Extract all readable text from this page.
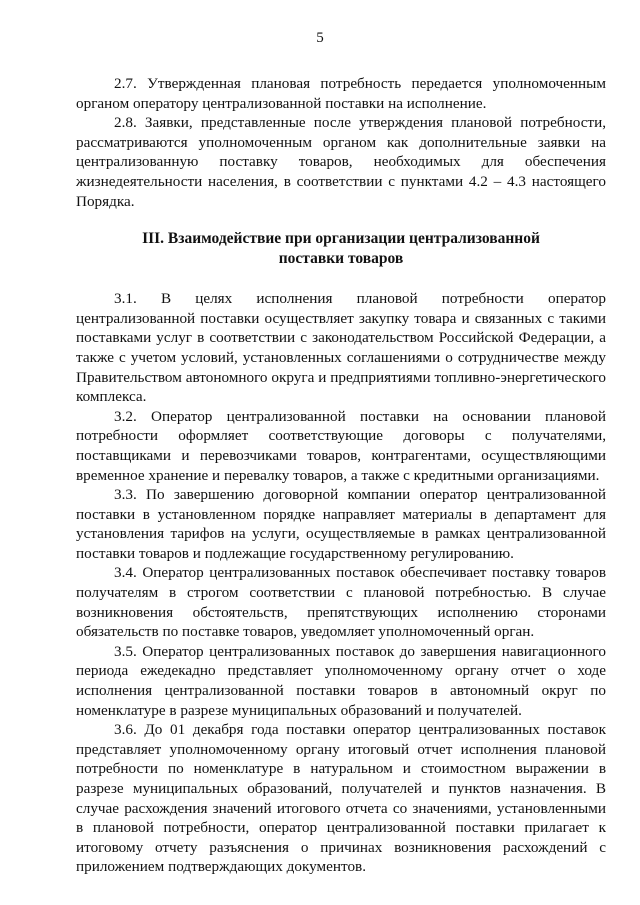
5

2.7. Утвержденная плановая потребность передается уполномоченным органом оператору централизованной поставки на исполнение.

2.8. Заявки, представленные после утверждения плановой потребности, рассматриваются уполномоченным органом как дополнительные заявки на централизованную поставку товаров, необходимых для обеспечения жизнедеятельности населения, в соответствии с пунктами 4.2 – 4.3 настоящего Порядка.

III. Взаимодействие при организации централизованной поставки товаров

3.1. В целях исполнения плановой потребности оператор централизованной поставки осуществляет закупку товара и связанных с такими поставками услуг в соответствии с законодательством Российской Федерации, а также с учетом условий, установленных соглашениями о сотрудничестве между Правительством автономного округа и предприятиями топливно-энергетического комплекса.

3.2. Оператор централизованной поставки на основании плановой потребности оформляет соответствующие договоры с получателями, поставщиками и перевозчиками товаров, контрагентами, осуществляющими временное хранение и перевалку товаров, а также с кредитными организациями.

3.3. По завершению договорной компании оператор централизованной поставки в установленном порядке направляет материалы в департамент для установления тарифов на услуги, осуществляемые в рамках централизованной поставки товаров и подлежащие государственному регулированию.

3.4. Оператор централизованных поставок обеспечивает поставку товаров получателям в строгом соответствии с плановой потребностью. В случае возникновения обстоятельств, препятствующих исполнению сторонами обязательств по поставке товаров, уведомляет уполномоченный орган.

3.5. Оператор централизованных поставок до завершения навигационного периода ежедекадно представляет уполномоченному органу отчет о ходе исполнения централизованной поставки товаров в автономный округ по номенклатуре в разрезе муниципальных образований и получателей.

3.6. До 01 декабря года поставки оператор централизованных поставок представляет уполномоченному органу итоговый отчет исполнения плановой потребности по номенклатуре в натуральном и стоимостном выражении в разрезе муниципальных образований, получателей и пунктов назначения. В случае расхождения значений итогового отчета со значениями, установленными в плановой потребности, оператор централизованной поставки прилагает к итоговому отчету разъяснения о причинах возникновения расхождений с приложением подтверждающих документов.
